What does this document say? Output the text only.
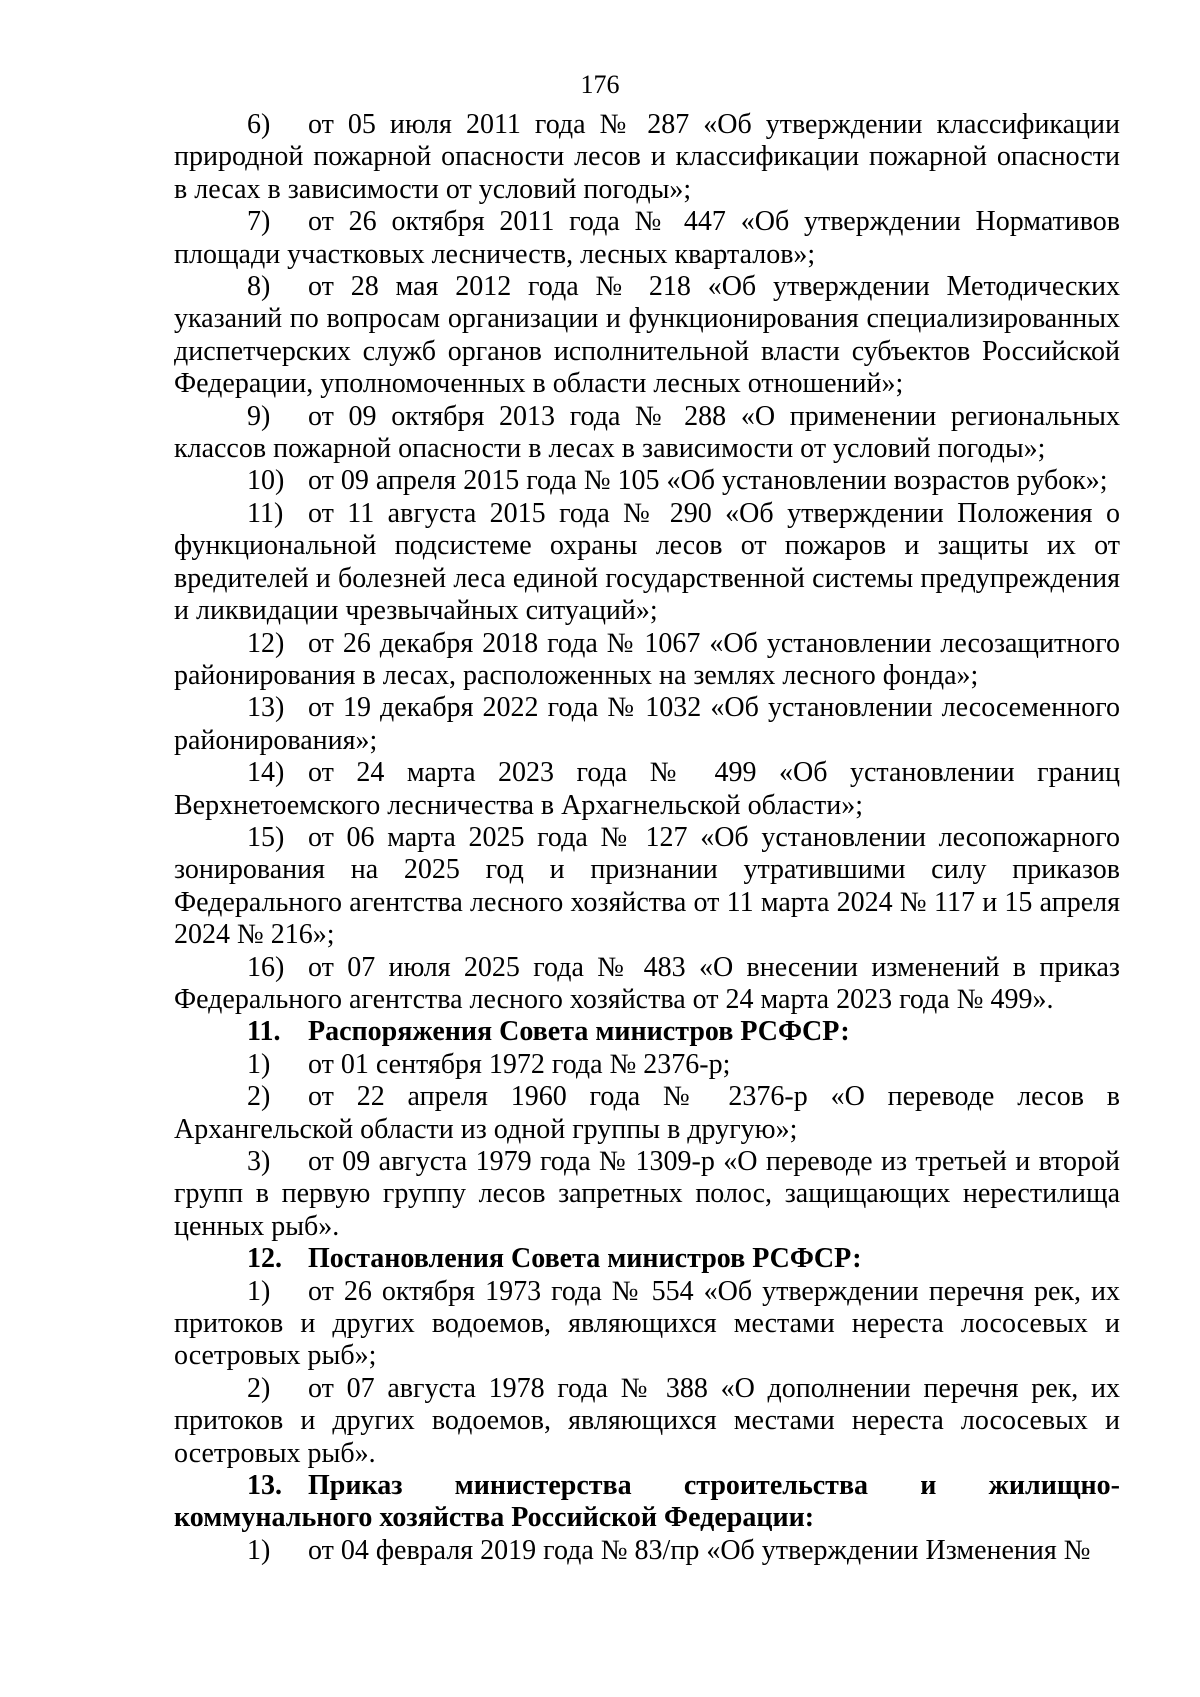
176

6) от 05 июля 2011 года № 287 «Об утверждении классификации природной пожарной опасности лесов и классификации пожарной опасности в лесах в зависимости от условий погоды»;

7) от 26 октября 2011 года № 447 «Об утверждении Нормативов площади участковых лесничеств, лесных кварталов»;

8) от 28 мая 2012 года № 218 «Об утверждении Методических указаний по вопросам организации и функционирования специализированных диспетчерских служб органов исполнительной власти субъектов Российской Федерации, уполномоченных в области лесных отношений»;

9) от 09 октября 2013 года № 288 «О применении региональных классов пожарной опасности в лесах в зависимости от условий погоды»;

10) от 09 апреля 2015 года № 105 «Об установлении возрастов рубок»;

11) от 11 августа 2015 года № 290 «Об утверждении Положения о функциональной подсистеме охраны лесов от пожаров и защиты их от вредителей и болезней леса единой государственной системы предупреждения и ликвидации чрезвычайных ситуаций»;

12) от 26 декабря 2018 года № 1067 «Об установлении лесозащитного районирования в лесах, расположенных на землях лесного фонда»;

13) от 19 декабря 2022 года № 1032 «Об установлении лесосеменного районирования»;

14) от 24 марта 2023 года № 499 «Об установлении границ Верхнетоемского лесничества в Архагнельской области»;

15) от 06 марта 2025 года № 127 «Об установлении лесопожарного зонирования на 2025 год и признании утратившими силу приказов Федерального агентства лесного хозяйства от 11 марта 2024 № 117 и 15 апреля 2024 № 216»;

16) от 07 июля 2025 года № 483 «О внесении изменений в приказ Федерального агентства лесного хозяйства от 24 марта 2023 года № 499».

11. Распоряжения Совета министров РСФСР:

1) от 01 сентября 1972 года № 2376-р;

2) от 22 апреля 1960 года № 2376-р «О переводе лесов в Архангельской области из одной группы в другую»;

3) от 09 августа 1979 года № 1309-р «О переводе из третьей и второй групп в первую группу лесов запретных полос, защищающих нерестилища ценных рыб».

12. Постановления Совета министров РСФСР:

1) от 26 октября 1973 года № 554 «Об утверждении перечня рек, их притоков и других водоемов, являющихся местами нереста лососевых и осетровых рыб»;

2) от 07 августа 1978 года № 388 «О дополнении перечня рек, их притоков и других водоемов, являющихся местами нереста лососевых и осетровых рыб».

13. Приказ министерства строительства и жилищно-коммунального хозяйства Российской Федерации:

1) от 04 февраля 2019 года № 83/пр «Об утверждении Изменения №
